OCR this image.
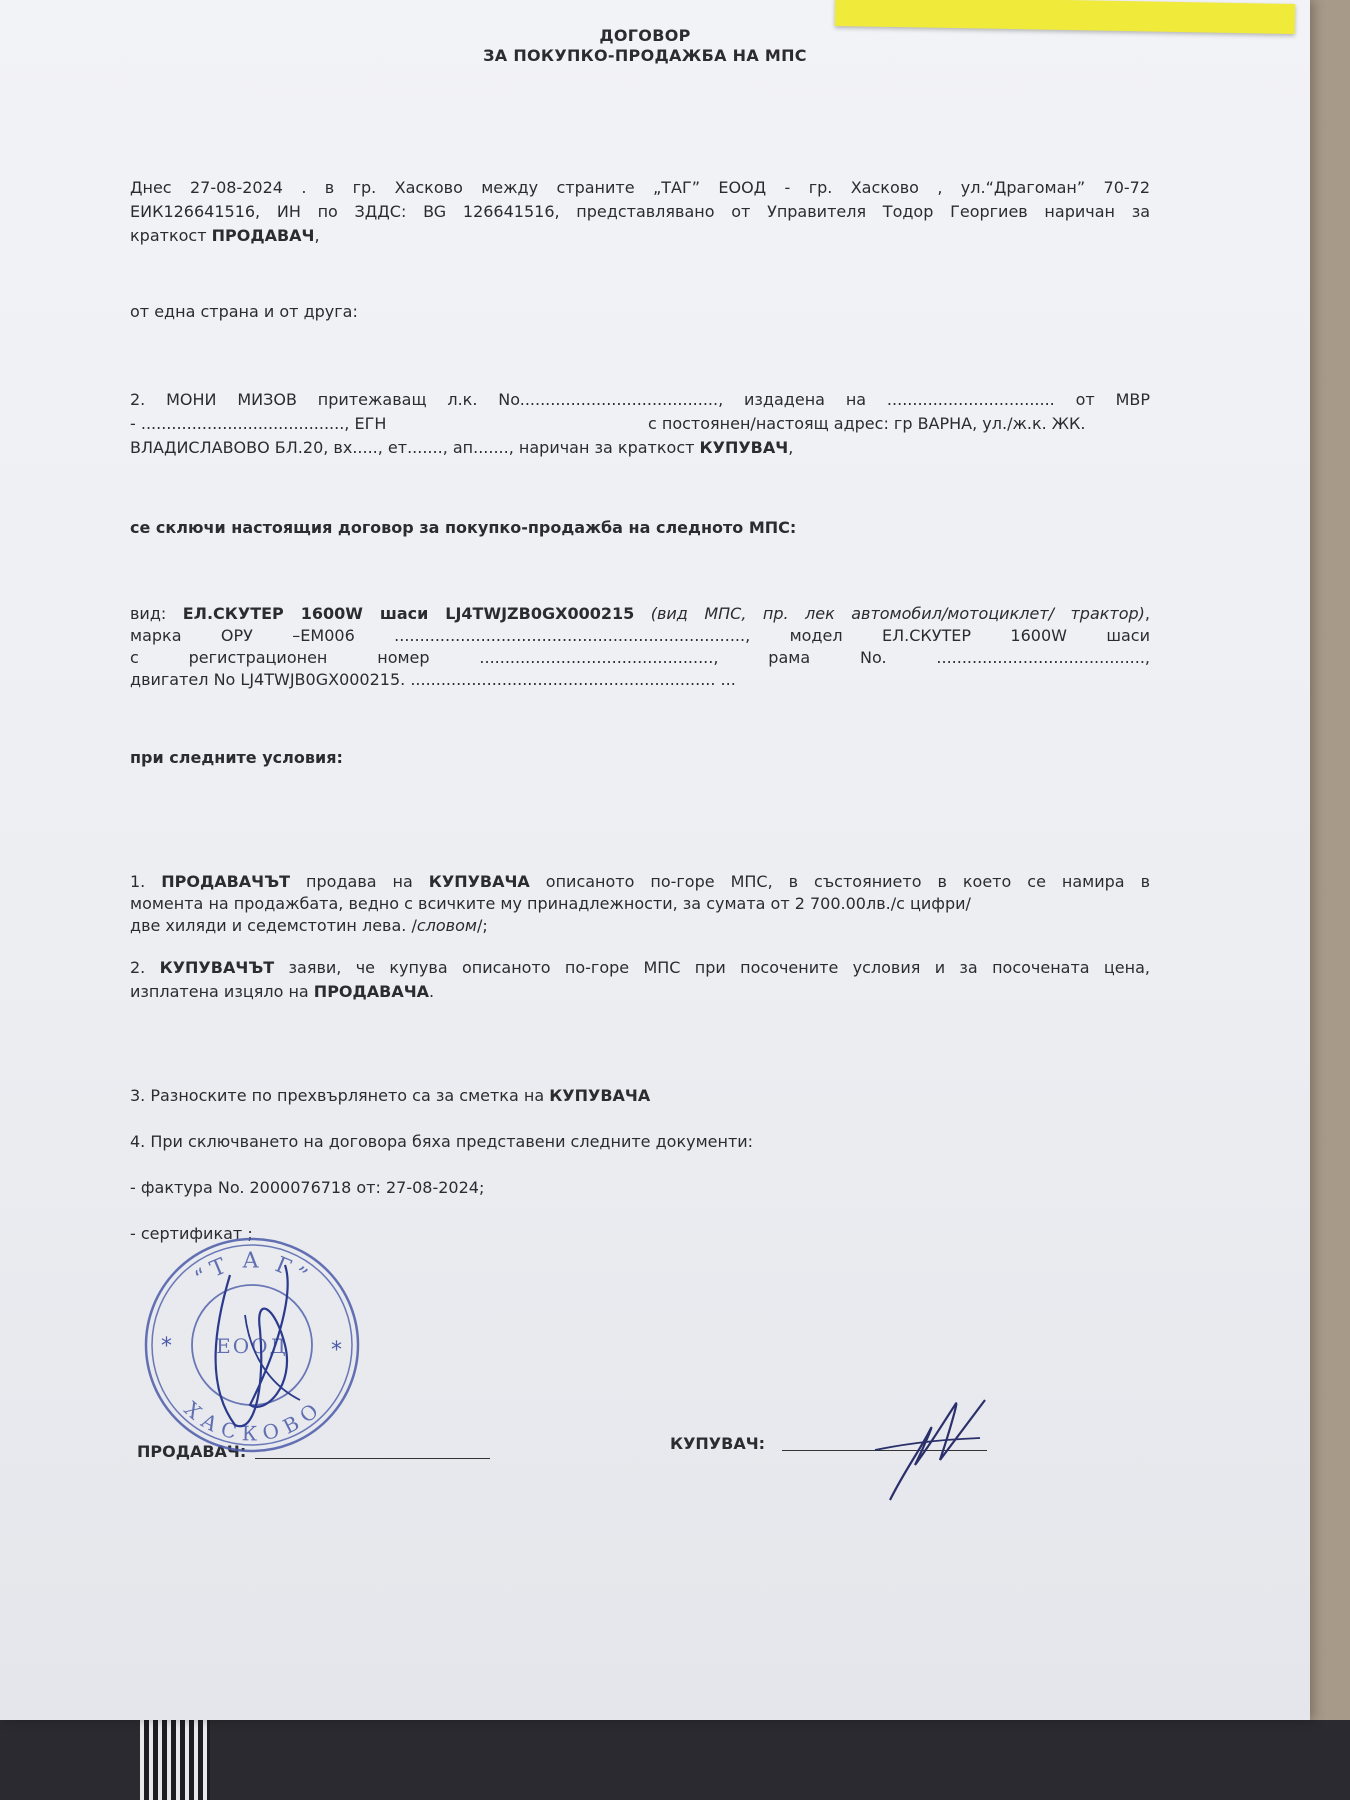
ДОГОВОР
ЗА ПОКУПКО-ПРОДАЖБА НА МПС
Днес 27-08-2024 . в гр. Хасково между страните „ТАГ” ЕООД - гр. Хасково , ул.“Драгоман” 70-72
ЕИК126641516, ИН по ЗДДС: BG 126641516, представлявано от Управителя Тодор Георгиев наричан за
краткост ПРОДАВАЧ,
от една страна и от друга:
2. МОНИ МИЗОВ притежаващ л.к. No......................................., издадена на ................................. от МВР
- ........................................, ЕГН	с постоянен/настоящ адрес: гр ВАРНА, ул./ж.к. ЖК.
ВЛАДИСЛАВОВО БЛ.20, вх....., ет......., ап......., наричан за краткост КУПУВАЧ,
се сключи настоящия договор за покупко-продажба на следното МПС:
вид: ЕЛ.СКУТЕР 1600W шаси LJ4TWJZB0GX000215 (вид МПС, пр. лек автомобил/мотоциклет/ трактор),
марка ОРУ –ЕМ006 ....................................................................., модел ЕЛ.СКУТЕР 1600W шаси
с регистрационен номер .............................................., рама No. .........................................,
двигател No LJ4TWJB0GX000215. ............................................................ ...
при следните условия:
1. ПРОДАВАЧЪТ продава на КУПУВАЧА описаното по-горе МПС, в състоянието в което се намира в
момента на продажбата, ведно с всичките му принадлежности, за сумата от 2 700.00лв./с цифри/
две хиляди и седемстотин лева. /словом/;
2. КУПУВАЧЪТ заяви, че купува описаното по-горе МПС при посочените условия и за посочената цена,
изплатена изцяло на ПРОДАВАЧА.
3. Разноските по прехвърлянето са за сметка на КУПУВАЧА
4. При сключването на договора бяха представени следните документи:
- фактура No. 2000076718 от: 27-08-2024;
- сертификат ;
ПРОДАВАЧ:	КУПУВАЧ:
“Т А Г”
ХАСКОВО
ЕООД
*	*
